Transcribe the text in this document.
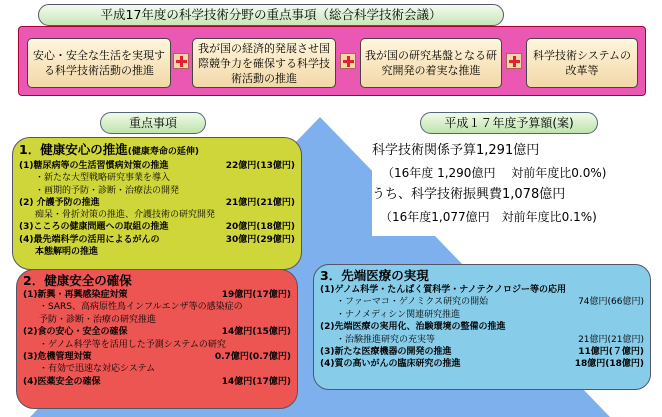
平成17年度の科学技術分野の重点事項（総合科学技術会議）
安心・安全な生活を実現する科学技術活動の推進
我が国の経済的発展させ国際競争力を確保する科学技術活動の推進
我が国の研究基盤となる研究開発の着実な推進
科学技術システムの改革等
重点事項	平成１７年度予算額(案)
科学技術関係予算1,291億円
（16年度 1,290億円　 対前年度比0.0%)
うち、科学技術振興費1,078億円
（16年度1,077億円　対前年度比0.1%)
1．健康安心の推進(健康寿命の延伸)
(1)糖尿病等の生活習慣病対策の推進	22億円(13億円)
・新たな大型戦略研究事業を導入
・画期的予防・診断・治療法の開発
(2) 介護予防の推進	21億円(21億円)
痴呆・骨折対策の推進、介護技術の研究開発
(3)こころの健康問題への取組の推進	20億円(18億円)
(4)最先端科学の活用によるがんの	30億円(29億円)
本態解明の推進
2．健康安全の確保
(1)新興・再興感染症対策	19億円(17億円)
・SARS、高病原性鳥インフルエンザ等の感染症の
予防・診断・治療の研究推進
(2)食の安心・安全の確保	14億円(15億円)
・ゲノム科学等を活用した予測システムの研究
(3)危機管理対策	0.7億円(0.7億円)
・有効で迅速な対応システム
(4)医薬安全の確保	14億円(17億円)
3．先端医療の実現
(1)ゲノム科学・たんぱく質科学・ナノテクノロジー等の応用
・ファーマコ・ゲノミクス研究の開始	74億円(66億円)
・ナノメディシン関連研究推進
(2)先端医療の実用化、治験環境の整備の推進
・治験推進研究の充実等	21億円(21億円)
(3)新たな医療機器の開発の推進	11億円(７億円)
(4)質の高いがんの臨床研究の推進	18億円(18億円)
